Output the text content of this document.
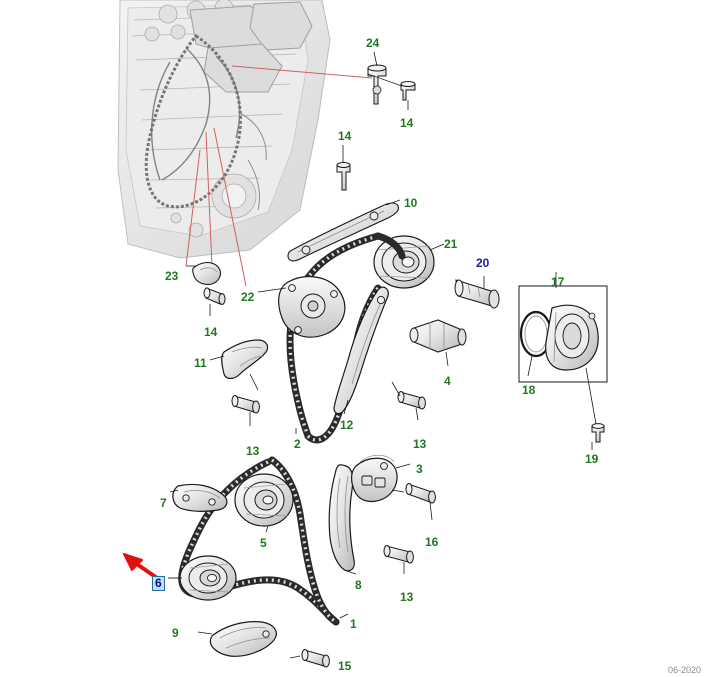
24
14
14
10
21
20
17
23
22
14
18
4
11
19
13	2
12
13
3
7
5	16
8
13
6
1
9
15	06-2020
